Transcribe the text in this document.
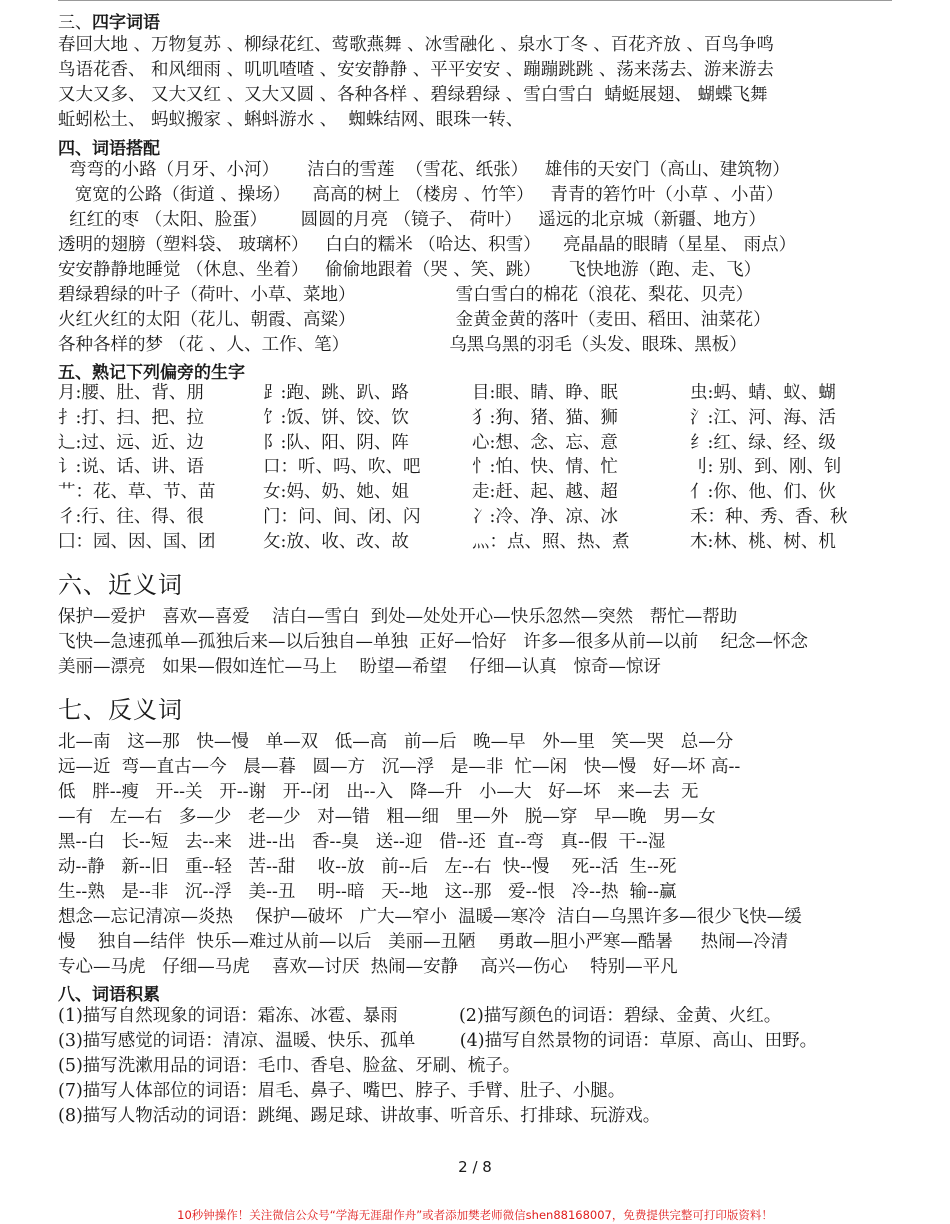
三、四字词语
春回大地 、万物复苏 、柳绿花红、莺歌燕舞 、冰雪融化 、泉水丁冬 、百花齐放 、百鸟争鸣
鸟语花香、 和风细雨 、叽叽喳喳 、安安静静 、平平安安 、蹦蹦跳跳 、荡来荡去、游来游去
又大又多、 又大又红 、又大又圆 、各种各样 、碧绿碧绿 、雪白雪白  蜻蜓展翅、 蝴蝶飞舞
蚯蚓松土、 蚂蚁搬家 、蝌蚪游水 、  蜘蛛结网、眼珠一转、
四、词语搭配
弯弯的小路（月牙、小河）     洁白的雪莲  （雪花、纸张）   雄伟的天安门（高山、建筑物）
宽宽的公路（街道 、操场）    高高的树上 （楼房 、竹竿）   青青的箬竹叶（小草 、小苗）
红红的枣 （太阳、脸蛋）      圆圆的月亮 （镜子、 荷叶）   遥远的北京城（新疆、地方）
透明的翅膀（塑料袋、 玻璃杯）   白白的糯米 （哈达、积雪）    亮晶晶的眼睛（星星、 雨点）
安安静静地睡觉 （休息、坐着）   偷偷地跟着（哭 、笑、跳）     飞快地游（跑、走、飞）
碧绿碧绿的叶子（荷叶、小草、菜地）                  雪白雪白的棉花（浪花、梨花、贝壳）
火红火红的太阳（花儿、朝霞、高粱）                  金黄金黄的落叶（麦田、稻田、油菜花）
各种各样的梦 （花 、人、工作、笔）                  乌黑乌黑的羽毛（头发、眼珠、黑板）
五、熟记下列偏旁的生字
月:腰、肚、背、朋	⻊:跑、跳、趴、路	目:眼、睛、睁、眠	虫:蚂、蜻、蚁、蝴
扌:打、扫、把、拉	饣:饭、饼、饺、饮	犭:狗、猪、猫、狮	氵:江、河、海、活
辶:过、远、近、边	阝:队、阳、阴、阵	心:想、念、忘、意	纟:红、绿、经、级
讠:说、话、讲、语	口：听、吗、吹、吧	忄:怕、快、情、忙	刂: 别、到、刚、钊
艹：花、草、节、苗	女:妈、奶、她、姐	走:赶、起、越、超	亻:你、他、们、伙
彳:行、往、得、很	门：问、间、闭、闪	冫:冷、净、凉、冰	禾：种、秀、香、秋
囗：园、因、国、团	攵:放、收、改、故	灬：点、照、热、煮	木:林、桃、树、机
六、近义词
保护—爱护   喜欢—喜爱    洁白—雪白  到处—处处开心—快乐忽然—突然   帮忙—帮助
飞快—急速孤单—孤独后来—以后独自—单独  正好—恰好   许多—很多从前—以前    纪念—怀念
美丽—漂亮   如果—假如连忙—马上    盼望—希望    仔细—认真   惊奇—惊讶
七、反义词
北—南   这—那   快—慢   单—双   低—高   前—后   晚—早   外—里   笑—哭   总—分
远—近  弯—直古—今   晨—暮   圆—方   沉—浮   是—非  忙—闲   快—慢   好—坏 高--
低   胖--瘦   开--关   开--谢   开--闭   出--入   降—升   小—大   好—坏   来—去  无
—有   左—右   多—少   老—少   对—错   粗—细   里—外   脱—穿   早—晚   男—女
黑--白   长--短   去--来   进--出   香--臭   送--迎   借--还  直--弯   真--假  干--湿
动--静   新--旧   重--轻   苦--甜    收--放   前--后   左--右  快--慢    死--活  生--死
生--熟   是--非   沉--浮   美--丑    明--暗   天--地   这--那   爱--恨   冷--热  输--赢
想念—忘记清凉—炎热    保护—破坏   广大—窄小  温暖—寒冷  洁白—乌黑许多—很少飞快—缓
慢    独自—结伴  快乐—难过从前—以后   美丽—丑陋    勇敢—胆小严寒—酷暑     热闹—冷清
专心—马虎   仔细—马虎    喜欢—讨厌  热闹—安静    高兴—伤心    特别—平凡
八、词语积累
(1)描写自然现象的词语：霜冻、冰雹、暴雨           (2)描写颜色的词语：碧绿、金黄、火红。
(3)描写感觉的词语：清凉、温暖、快乐、孤单        (4)描写自然景物的词语：草原、高山、田野。
(5)描写洗漱用品的词语：毛巾、香皂、脸盆、牙刷、梳子。
(7)描写人体部位的词语：眉毛、鼻子、嘴巴、脖子、手臂、肚子、小腿。
(8)描写人物活动的词语：跳绳、踢足球、讲故事、听音乐、打排球、玩游戏。
2 / 8
10秒钟操作！关注微信公众号“学海无涯甜作舟”或者添加樊老师微信shen88168007，免费提供完整可打印版资料！
